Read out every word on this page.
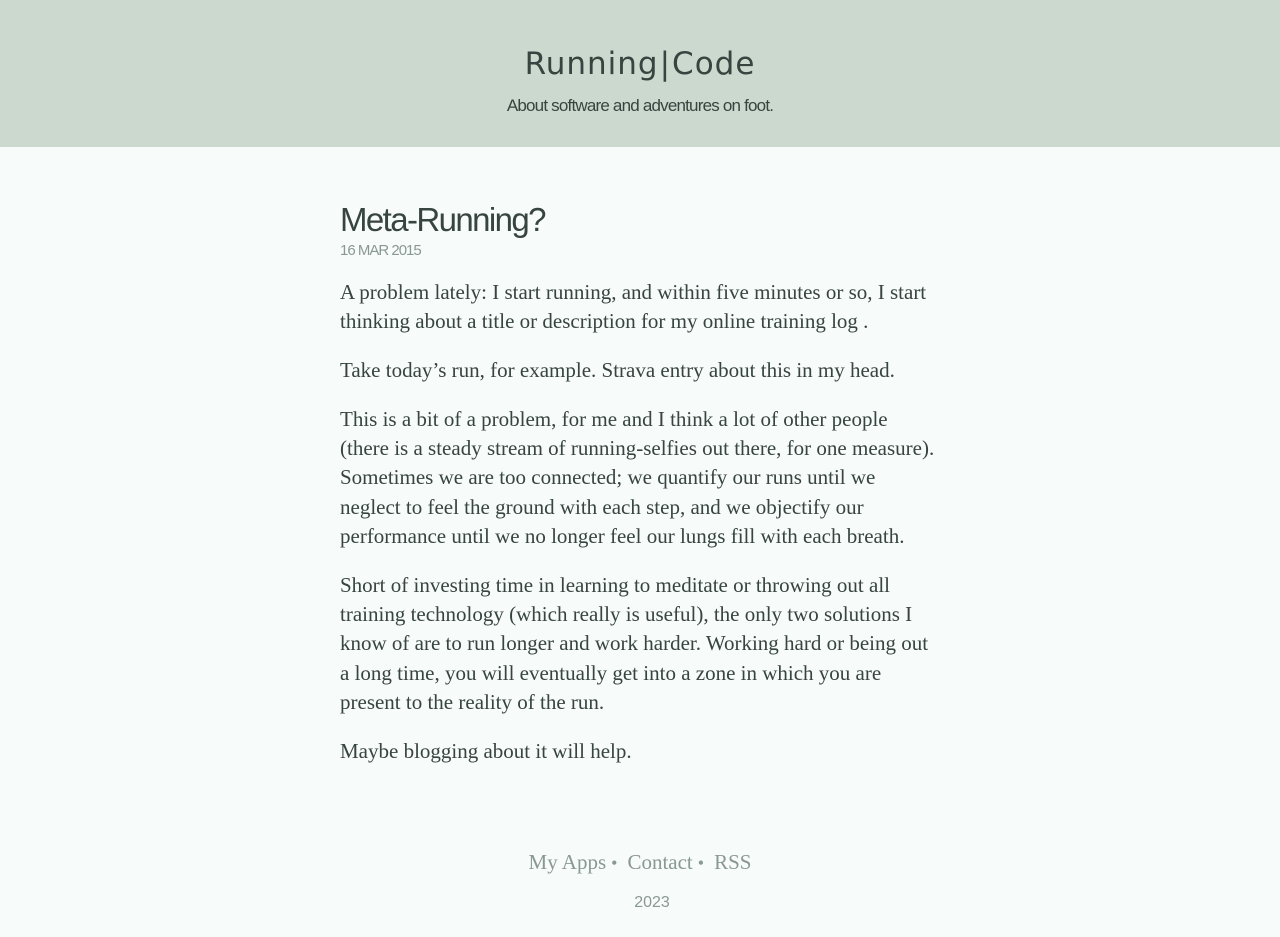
Running|Code

About software and adventures on foot.

Meta-Running?
16 MAR 2015

A problem lately: I start running, and within five minutes or so, I start thinking about a title or description for my online training log .

Take today’s run, for example. Strava entry about this in my head.

This is a bit of a problem, for me and I think a lot of other people (there is a steady stream of running-selfies out there, for one measure). Sometimes we are too connected; we quantify our runs until we neglect to feel the ground with each step, and we objectify our performance until we no longer feel our lungs fill with each breath.

Short of investing time in learning to meditate or throwing out all training technology (which really is useful), the only two solutions I know of are to run longer and work harder. Working hard or being out a long time, you will eventually get into a zone in which you are present to the reality of the run.

Maybe blogging about it will help.

My Apps • Contact • RSS
2023
